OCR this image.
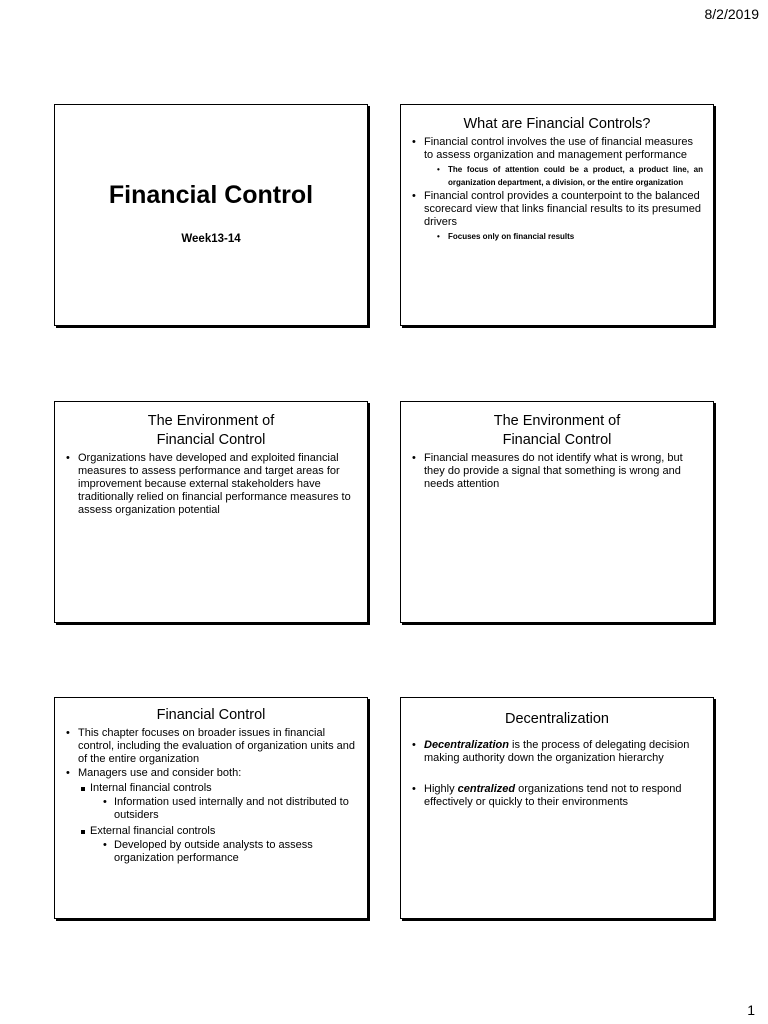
8/2/2019
Financial Control
Week13-14
What are Financial Controls?
• Financial control involves the use of financial measures to assess organization and management performance
• The focus of attention could be a product, a product line, an organization department, a division, or the entire organization
• Financial control provides a counterpoint to the balanced scorecard view that links financial results to its presumed drivers
• Focuses only on financial results
The Environment of
Financial Control
• Organizations have developed and exploited financial measures to assess performance and target areas for improvement because external stakeholders have traditionally relied on financial performance measures to assess organization potential
The Environment of
Financial Control
• Financial measures do not identify what is wrong, but they do provide a signal that something is wrong and needs attention
Financial Control
• This chapter focuses on broader issues in financial control, including the evaluation of organization units and of the entire organization
• Managers use and consider both:
Internal financial controls
• Information used internally and not distributed to outsiders
External financial controls
• Developed by outside analysts to assess organization performance
Decentralization
• Decentralization is the process of delegating decision making authority down the organization hierarchy
• Highly centralized organizations tend not to respond effectively or quickly to their environments
1
